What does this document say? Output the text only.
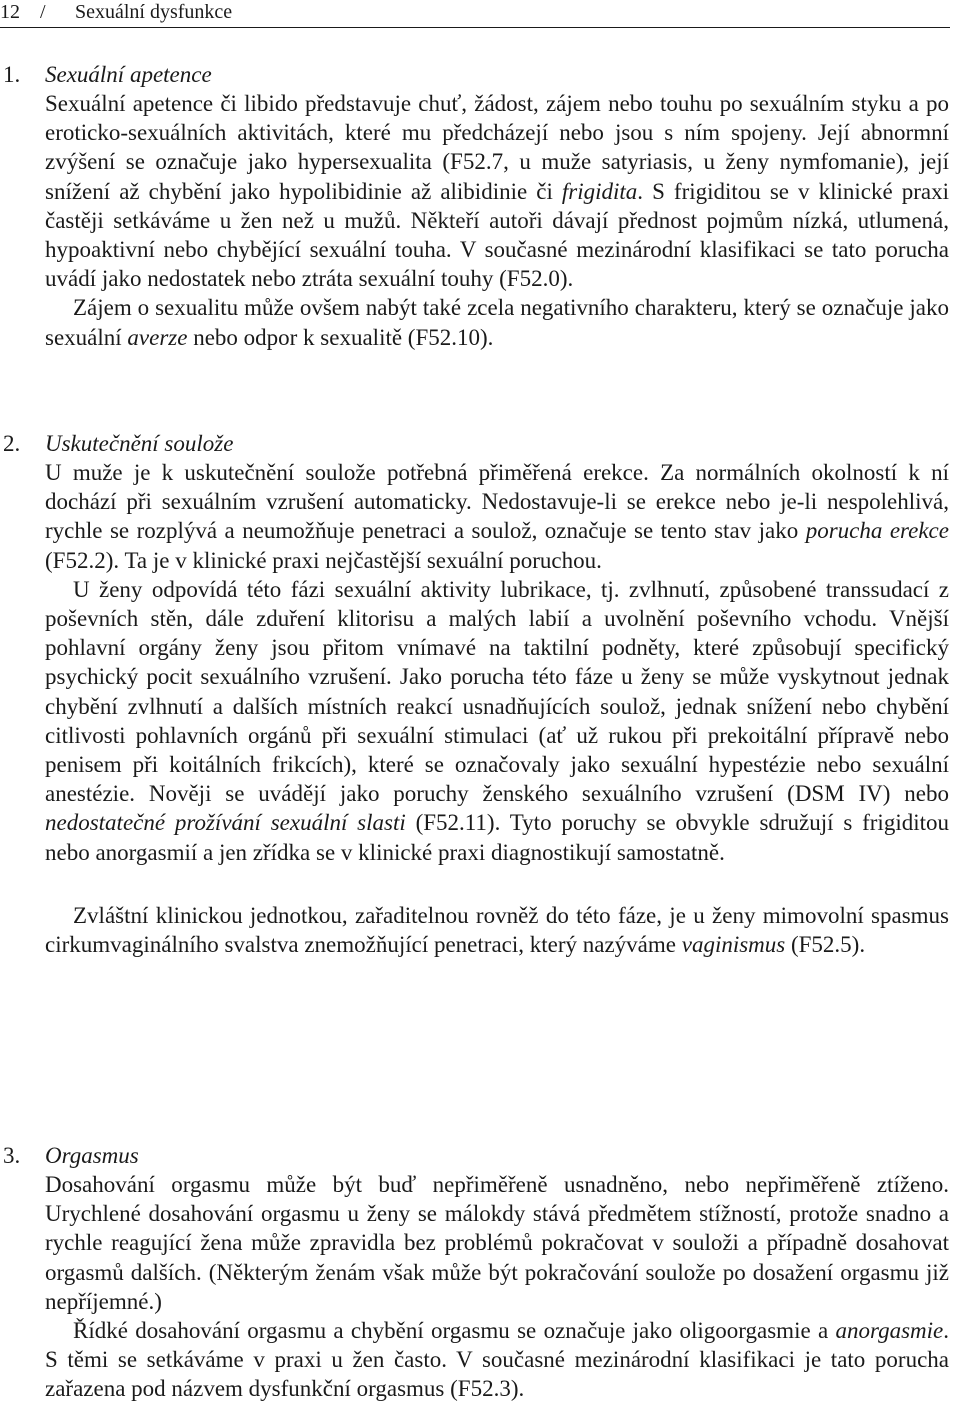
12 / Sexuální dysfunkce
1. Sexuální apetence

Sexuální apetence či libido představuje chuť, žádost, zájem nebo touhu po sexuálním styku a po eroticko-sexuálních aktivitách, které mu předcházejí nebo jsou s ním spojeny. Její abnormní zvýšení se označuje jako hypersexualita (F52.7, u muže satyriasis, u ženy nymfomanie), její snížení až chybění jako hypolibidinie až alibidinie či frigidita. S frigiditou se v klinické praxi častěji setkáváme u žen než u mužů. Někteří autoři dávají přednost pojmům nízká, utlumená, hypoaktivní nebo chybějící sexuální touha. V současné mezinárodní klasifikaci se tato porucha uvádí jako nedostatek nebo ztráta sexuální touhy (F52.0).

Zájem o sexualitu může ovšem nabýt také zcela negativního charakteru, který se označuje jako sexuální averze nebo odpor k sexualitě (F52.10).

2. Uskutečnění soulože

U muže je k uskutečnění soulože potřebná přiměřená erekce. Za normálních okolností k ní dochází při sexuálním vzrušení automaticky. Nedostavuje-li se erekce nebo je-li nespolehlivá, rychle se rozplývá a neumožňuje penetraci a soulož, označuje se tento stav jako porucha erekce (F52.2). Ta je v klinické praxi nejčastější sexuální poruchou.

U ženy odpovídá této fázi sexuální aktivity lubrikace, tj. zvlhnutí, způsobené transsudací z poševních stěn, dále zduření klitorisu a malých labií a uvolnění poševního vchodu. Vnější pohlavní orgány ženy jsou přitom vnímavé na taktilní podněty, které způsobují specifický psychický pocit sexuálního vzrušení. Jako porucha této fáze u ženy se může vyskytnout jednak chybění zvlhnutí a dalších místních reakcí usnadňujících soulož, jednak snížení nebo chybění citlivosti pohlavních orgánů při sexuální stimulaci (ať už rukou při prekoitální přípravě nebo penisem při koitálních frikcích), které se označovaly jako sexuální hypestézie nebo sexuální anestézie. Nověji se uvádějí jako poruchy ženského sexuálního vzrušení (DSM IV) nebo nedostatečné prožívání sexuální slasti (F52.11). Tyto poruchy se obvykle sdružují s frigiditou nebo anorgasmií a jen zřídka se v klinické praxi diagnostikují samostatně.

Zvláštní klinickou jednotkou, zařaditelnou rovněž do této fáze, je u ženy mimovolní spasmus cirkumvaginálního svalstva znemožňující penetraci, který nazýváme vaginismus (F52.5).

3. Orgasmus

Dosahování orgasmu může být buď nepřiměřeně usnadněno, nebo nepřiměřeně ztíženo. Urychlené dosahování orgasmu u ženy se málokdy stává předmětem stížností, protože snadno a rychle reagující žena může zpravidla bez problémů pokračovat v souloži a případně dosahovat orgasmů dalších. (Některým ženám však může být pokračování soulože po dosažení orgasmu již nepříjemné.)

Řídké dosahování orgasmu a chybění orgasmu se označuje jako oligoorgasmie a anorgasmie. S těmi se setkáváme v praxi u žen často. V současné mezinárodní klasifikaci je tato porucha zařazena pod názvem dysfunkční orgasmus (F52.3).
